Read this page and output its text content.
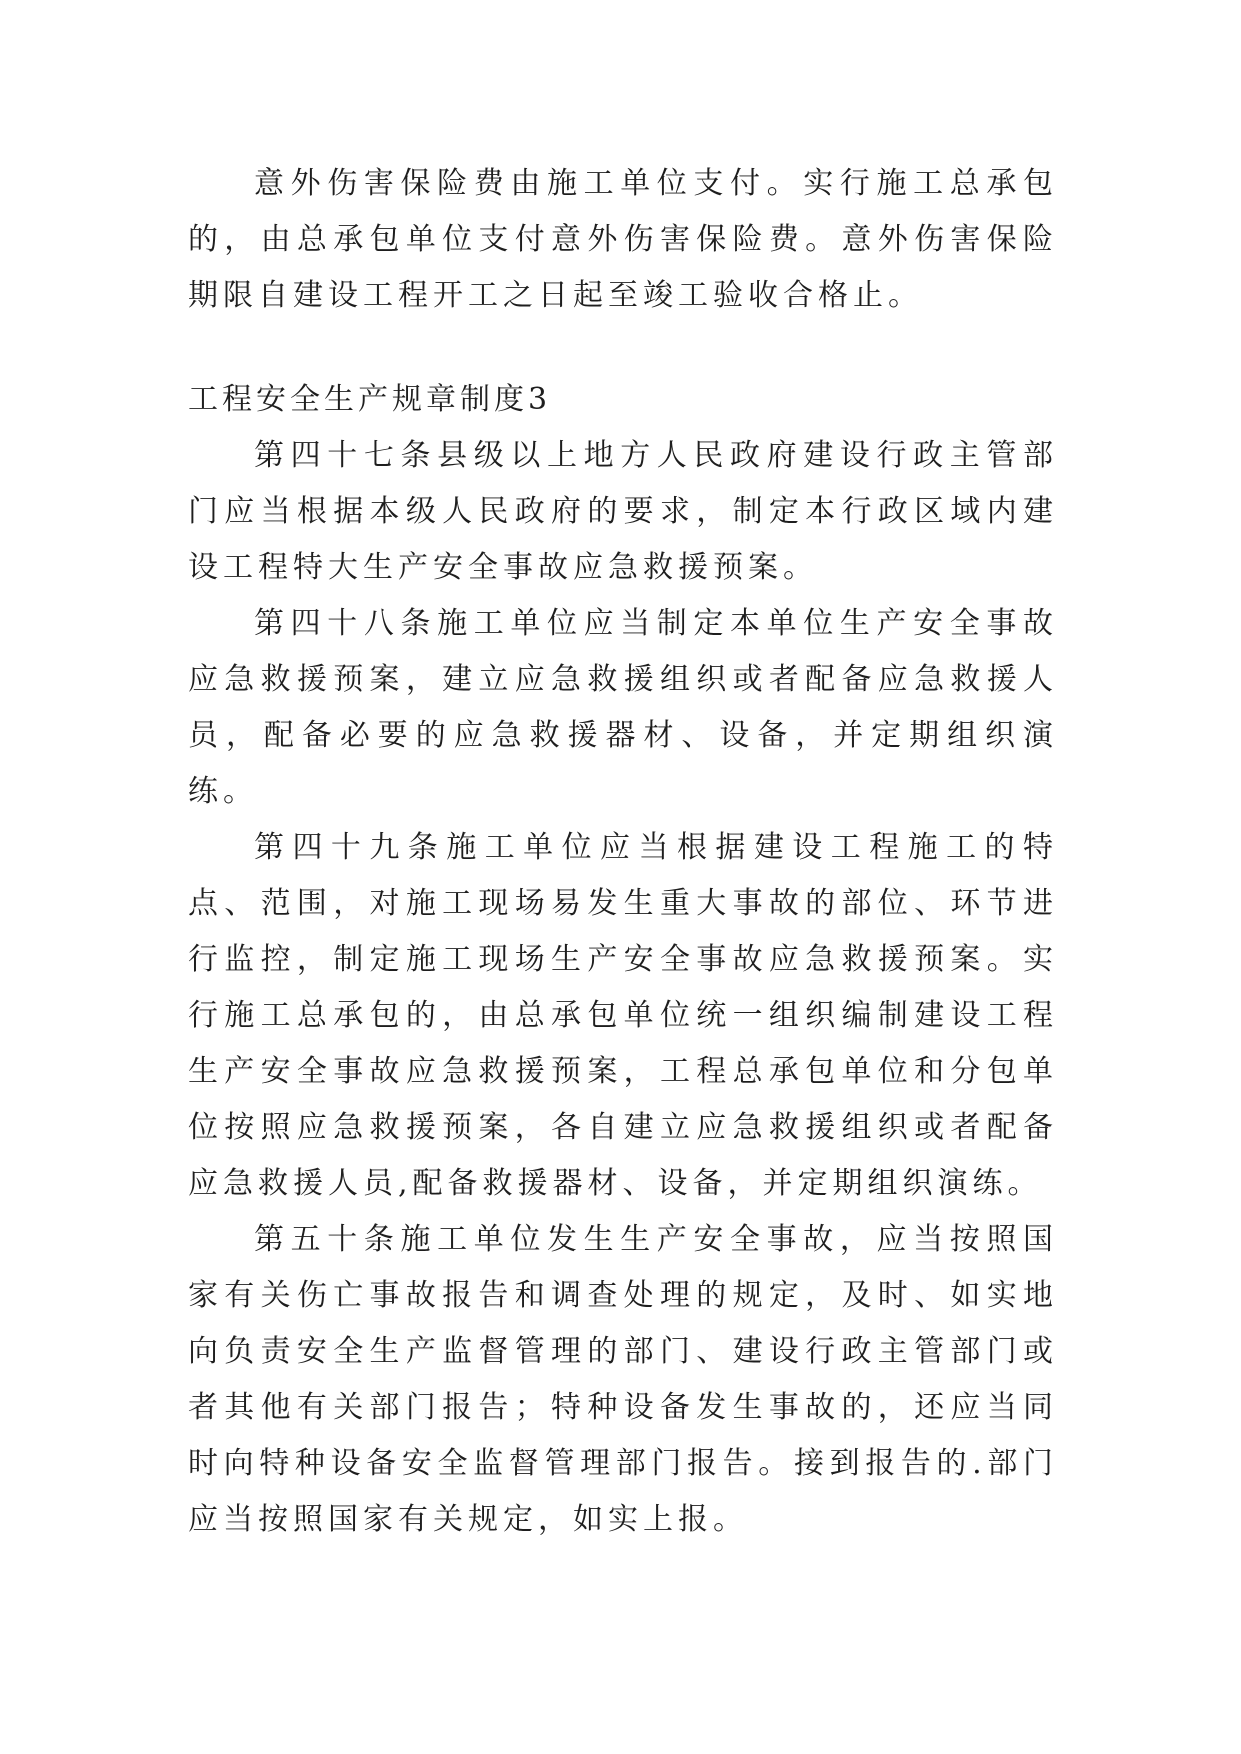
意外伤害保险费由施工单位支付。实行施工总承包的，由总承包单位支付意外伤害保险费。意外伤害保险期限自建设工程开工之日起至竣工验收合格止。

工程安全生产规章制度3

第四十七条县级以上地方人民政府建设行政主管部门应当根据本级人民政府的要求，制定本行政区域内建设工程特大生产安全事故应急救援预案。

第四十八条施工单位应当制定本单位生产安全事故应急救援预案，建立应急救援组织或者配备应急救援人员，配备必要的应急救援器材、设备，并定期组织演练。

第四十九条施工单位应当根据建设工程施工的特点、范围，对施工现场易发生重大事故的部位、环节进行监控，制定施工现场生产安全事故应急救援预案。实行施工总承包的，由总承包单位统一组织编制建设工程生产安全事故应急救援预案，工程总承包单位和分包单位按照应急救援预案，各自建立应急救援组织或者配备应急救援人员,配备救援器材、设备，并定期组织演练。

第五十条施工单位发生生产安全事故，应当按照国家有关伤亡事故报告和调查处理的规定，及时、如实地向负责安全生产监督管理的部门、建设行政主管部门或者其他有关部门报告；特种设备发生事故的，还应当同时向特种设备安全监督管理部门报告。接到报告的.部门应当按照国家有关规定，如实上报。
